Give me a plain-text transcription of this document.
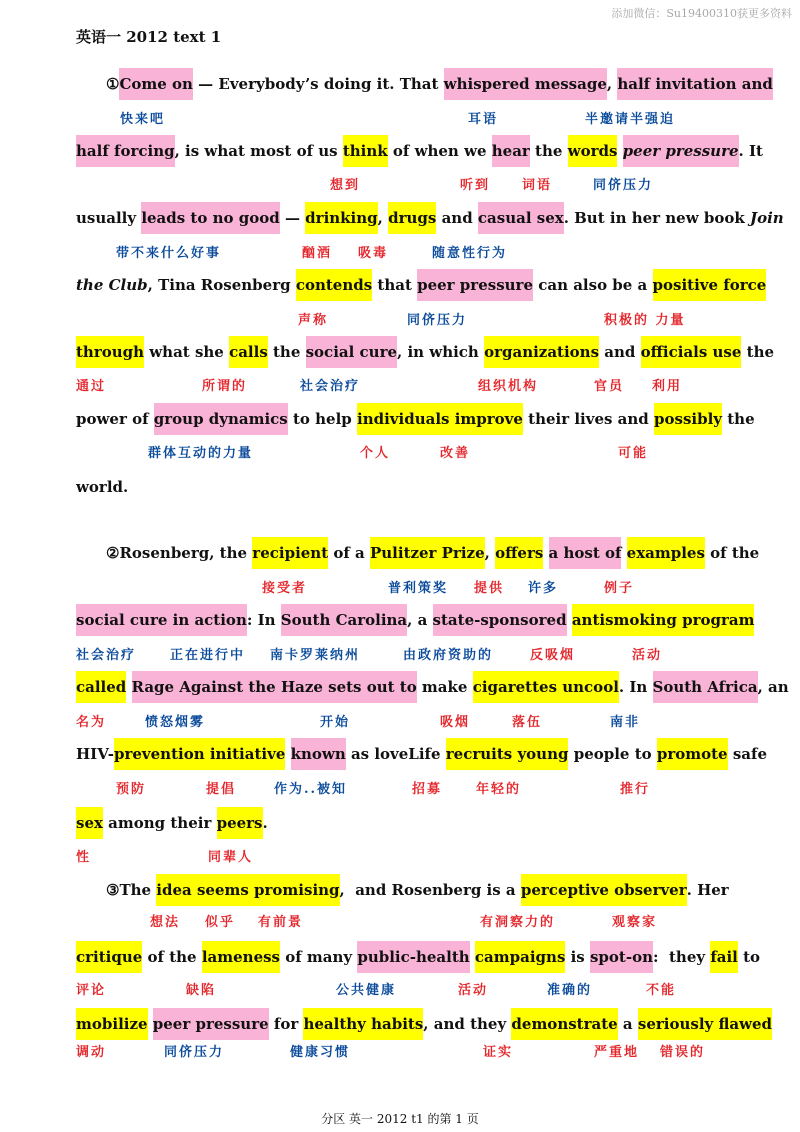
添加微信：Su19400310获更多资料
英语一 2012 text 1
①Come on — Everybody’s doing it. That whispered message, half invitation and
half forcing, is what most of us think of when we hear the words peer pressure. It
usually leads to no good — drinking, drugs and casual sex. But in her new book Join
the Club, Tina Rosenberg contends that peer pressure can also be a positive force
through what she calls the social cure, in which organizations and officials use the
power of group dynamics to help individuals improve their lives and possibly the
world.
②Rosenberg, the recipient of a Pulitzer Prize, offers a host of examples of the
social cure in action: In South Carolina, a state-sponsored antismoking program
called Rage Against the Haze sets out to make cigarettes uncool. In South Africa, an
HIV-prevention initiative known as loveLife recruits young people to promote safe
sex among their peers.
③The idea seems promising,  and Rosenberg is a perceptive observer. Her
critique of the lameness of many public-health campaigns is spot-on:  they fail to
mobilize peer pressure for healthy habits, and they demonstrate a seriously flawed
快来吧	耳语	半邀请半强迫
想到	听到 词语	同侪压力
带不来什么好事	酗酒 吸毒	随意性行为
声称	同侪压力	积极的 力量
通过	所谓的	社会治疗	组织机构	官员 利用
群体互动的力量	个人	改善	可能
接受者	普利策奖 提供 许多	例子
社会治疗	正在进行中 南卡罗莱纳州	由政府资助的	反吸烟	活动
名为	愤怒烟雾	开始	吸烟	落伍	南非
预防	提倡	作为..被知	招募	年轻的	推行
性	同辈人
想法 似乎 有前景	有洞察力的	观察家
评论	缺陷	公共健康	活动	准确的	不能
调动	同侪压力	健康习惯	证实	严重地 错误的
分区 英一 2012 t1 的第 1 页
